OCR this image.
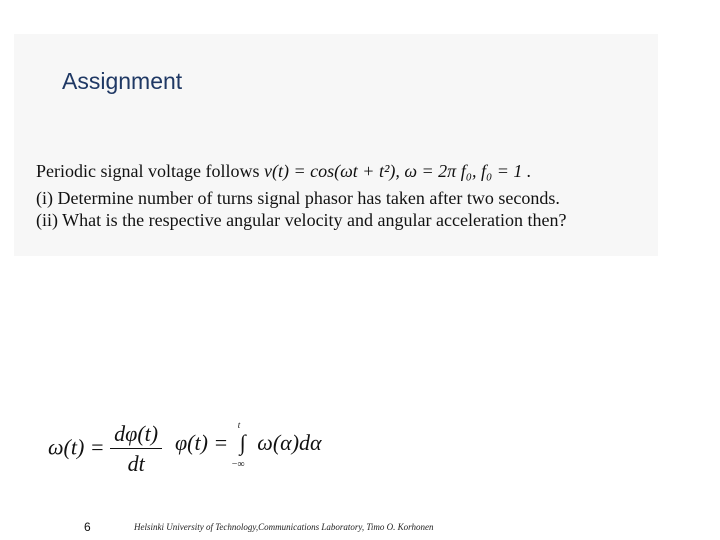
Assignment

Periodic signal voltage follows v(t) = cos(ωt + t²), ω = 2π f₀, f₀ = 1 .

(i) Determine number of turns signal phasor has taken after two seconds.

(ii) What is the respective angular velocity and angular acceleration then?

$\omega(t) = \frac{d\varphi(t)}{dt} \varphi(t)$ =
t
∫
−∞
ω(α)dα
6	Helsinki University of Technology,Communications Laboratory, Timo O. Korhonen
